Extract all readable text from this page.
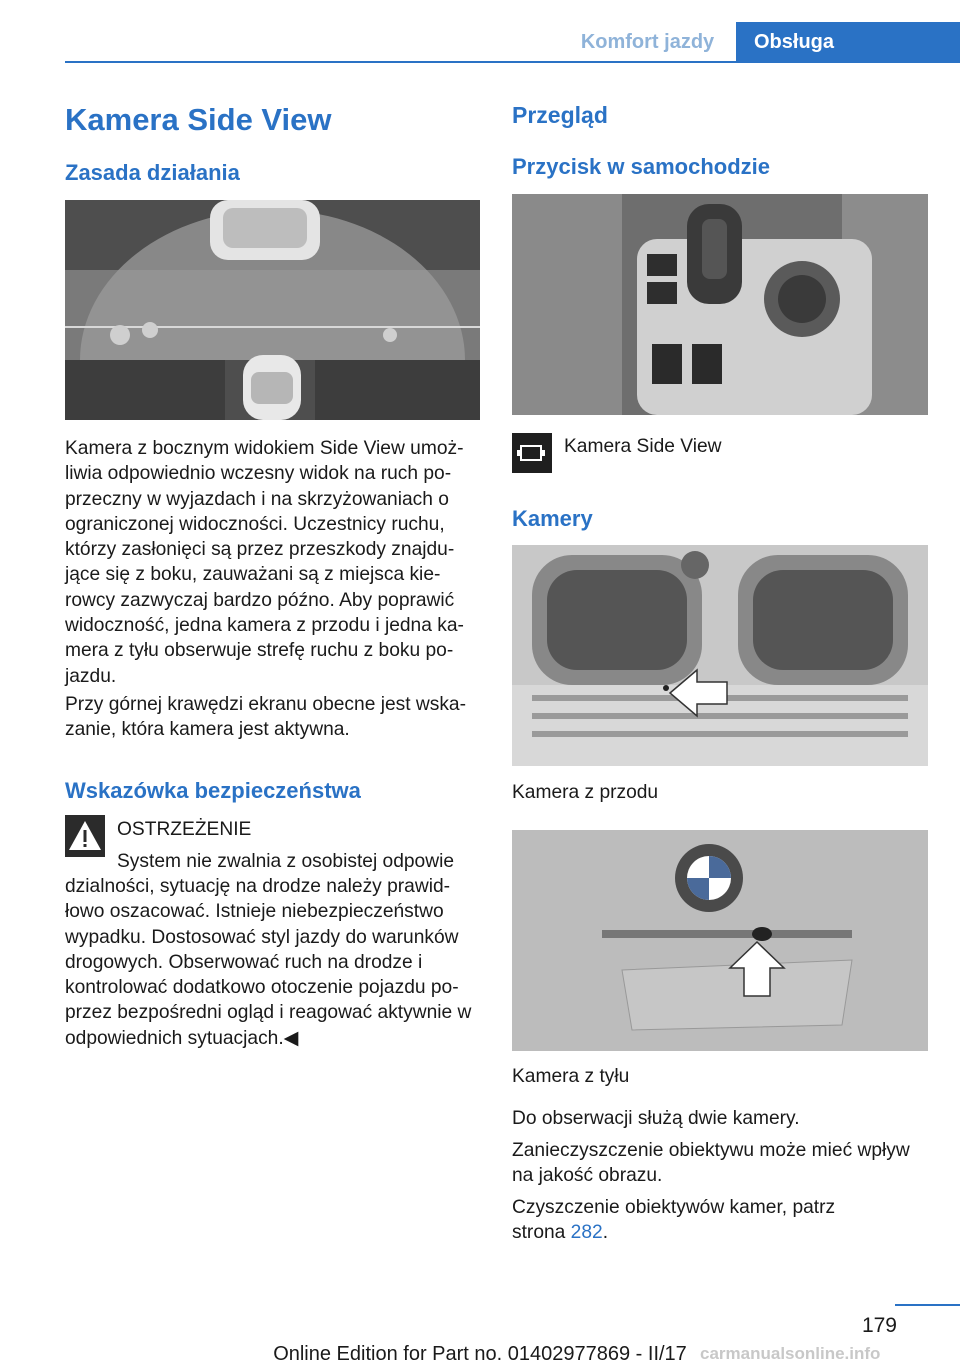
Komfort jazdy	Obsługa
Kamera Side View
Zasada działania
Kamera z bocznym widokiem Side View umożliwia odpowiednio wczesny widok na ruch poprzeczny w wyjazdach i na skrzyżowaniach o ograniczonej widoczności. Uczestnicy ruchu, którzy zasłonięci są przez przeszkody znajdujące się z boku, zauważani są z miejsca kierowcy zazwyczaj bardzo późno. Aby poprawić widoczność, jedna kamera z przodu i jedna kamera z tyłu obserwuje strefę ruchu z boku pojazdu.
Przy górnej krawędzi ekranu obecne jest wskazanie, która kamera jest aktywna.
Wskazówka bezpieczeństwa
OSTRZEŻENIE
System nie zwalnia z osobistej odpowie
dzialności, sytuację na drodze należy prawidłowo oszacować. Istnieje niebezpieczeństwo wypadku. Dostosować styl jazdy do warunków drogowych. Obserwować ruch na drodze i kontrolować dodatkowo otoczenie pojazdu poprzez bezpośredni ogląd i reagować aktywnie w odpowiednich sytuacjach.◀
Przegląd
Przycisk w samochodzie
Kamera Side View
Kamery
Kamera z przodu
Kamera z tyłu
Do obserwacji służą dwie kamery.
Zanieczyszczenie obiektywu może mieć wpływ na jakość obrazu.
Czyszczenie obiektywów kamer, patrz strona 282.
179
Online Edition for Part no. 01402977869 - II/17 carmanualsonline.info
